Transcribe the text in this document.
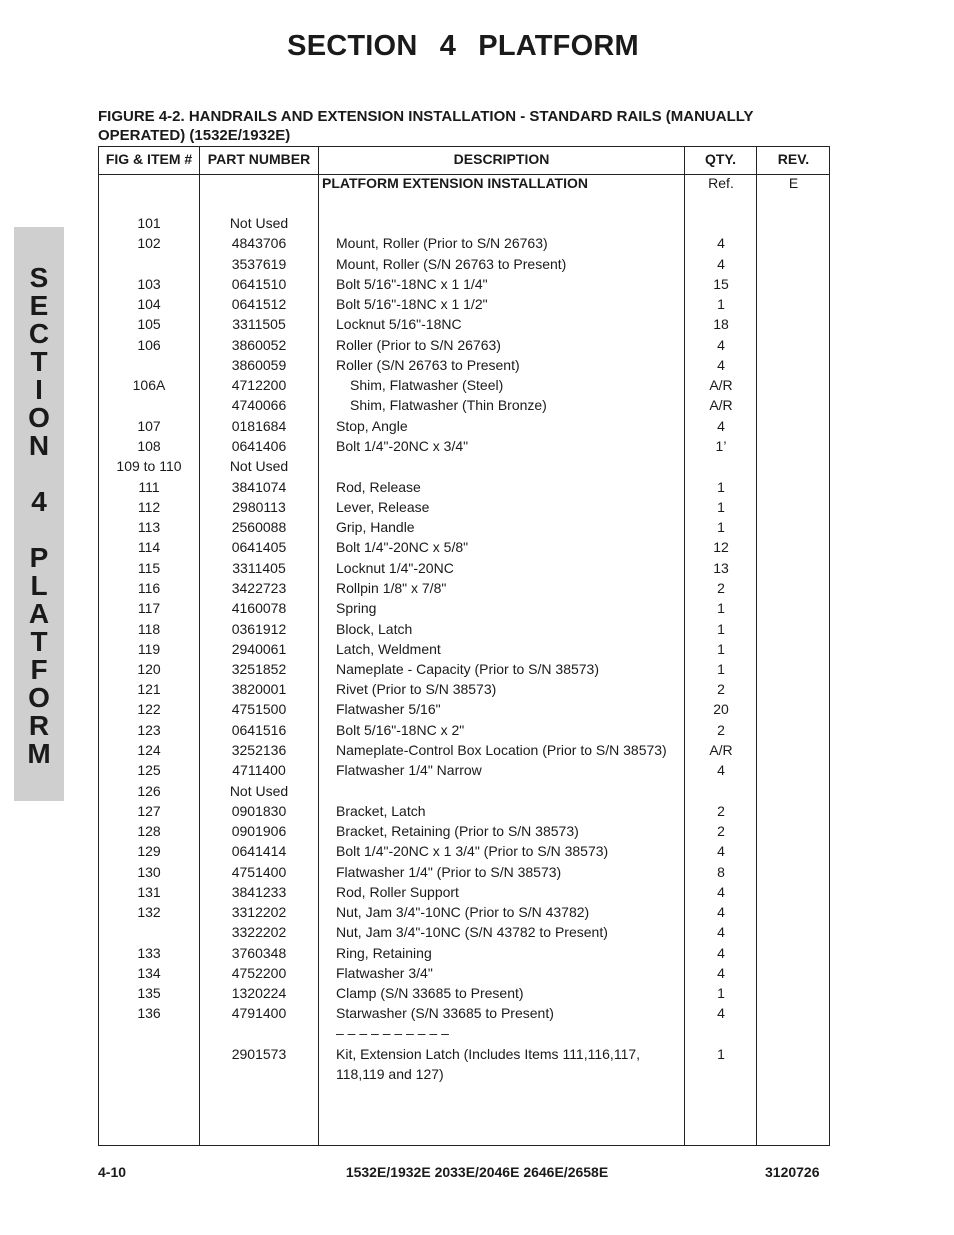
SECTION 4 PLATFORM
FIGURE 4-2. HANDRAILS AND EXTENSION INSTALLATION - STANDARD RAILS (MANUALLY
OPERATED) (1532E/1932E)
S
E
C
T
I
O
N
4
P
L
A
T
F
O
R
M
FIG & ITEM #	PART NUMBER	DESCRIPTION	QTY.	REV.
PLATFORM EXTENSION INSTALLATION	Ref.	E
101	Not Used
102	4843706	Mount, Roller (Prior to S/N 26763)	4
3537619	Mount, Roller (S/N 26763 to Present)	4
103	0641510	Bolt 5/16"-18NC x 1 1/4"	15
104	0641512	Bolt 5/16"-18NC x 1 1/2"	1
105	3311505	Locknut 5/16"-18NC	18
106	3860052	Roller (Prior to S/N 26763)	4
3860059	Roller (S/N 26763 to Present)	4
106A	4712200	Shim, Flatwasher (Steel)	A/R
4740066	Shim, Flatwasher (Thin Bronze)	A/R
107	0181684	Stop, Angle	4
108	0641406	Bolt 1/4"-20NC x 3/4"	1’
109 to 110	Not Used
111	3841074	Rod, Release	1
112	2980113	Lever, Release	1
113	2560088	Grip, Handle	1
114	0641405	Bolt 1/4"-20NC x 5/8"	12
115	3311405	Locknut 1/4"-20NC	13
116	3422723	Rollpin 1/8" x 7/8"	2
117	4160078	Spring	1
118	0361912	Block, Latch	1
119	2940061	Latch, Weldment	1
120	3251852	Nameplate - Capacity (Prior to S/N 38573)	1
121	3820001	Rivet (Prior to S/N 38573)	2
122	4751500	Flatwasher 5/16"	20
123	0641516	Bolt 5/16"-18NC x 2"	2
124	3252136	Nameplate-Control Box Location (Prior to S/N 38573)	A/R
125	4711400	Flatwasher 1/4" Narrow	4
126	Not Used
127	0901830	Bracket, Latch	2
128	0901906	Bracket, Retaining (Prior to S/N 38573)	2
129	0641414	Bolt 1/4"-20NC x 1 3/4" (Prior to S/N 38573)	4
130	4751400	Flatwasher 1/4" (Prior to S/N 38573)	8
131	3841233	Rod, Roller Support	4
132	3312202	Nut, Jam 3/4"-10NC (Prior to S/N 43782)	4
3322202	Nut, Jam 3/4"-10NC (S/N 43782 to Present)	4
133	3760348	Ring, Retaining	4
134	4752200	Flatwasher 3/4"	4
135	1320224	Clamp (S/N 33685 to Present)	1
136	4791400	Starwasher (S/N 33685 to Present)	4
– – – – – – – – – –
2901573	Kit, Extension Latch (Includes Items 111,116,117,	1
118,119 and 127)
4-10	1532E/1932E 2033E/2046E 2646E/2658E	3120726
